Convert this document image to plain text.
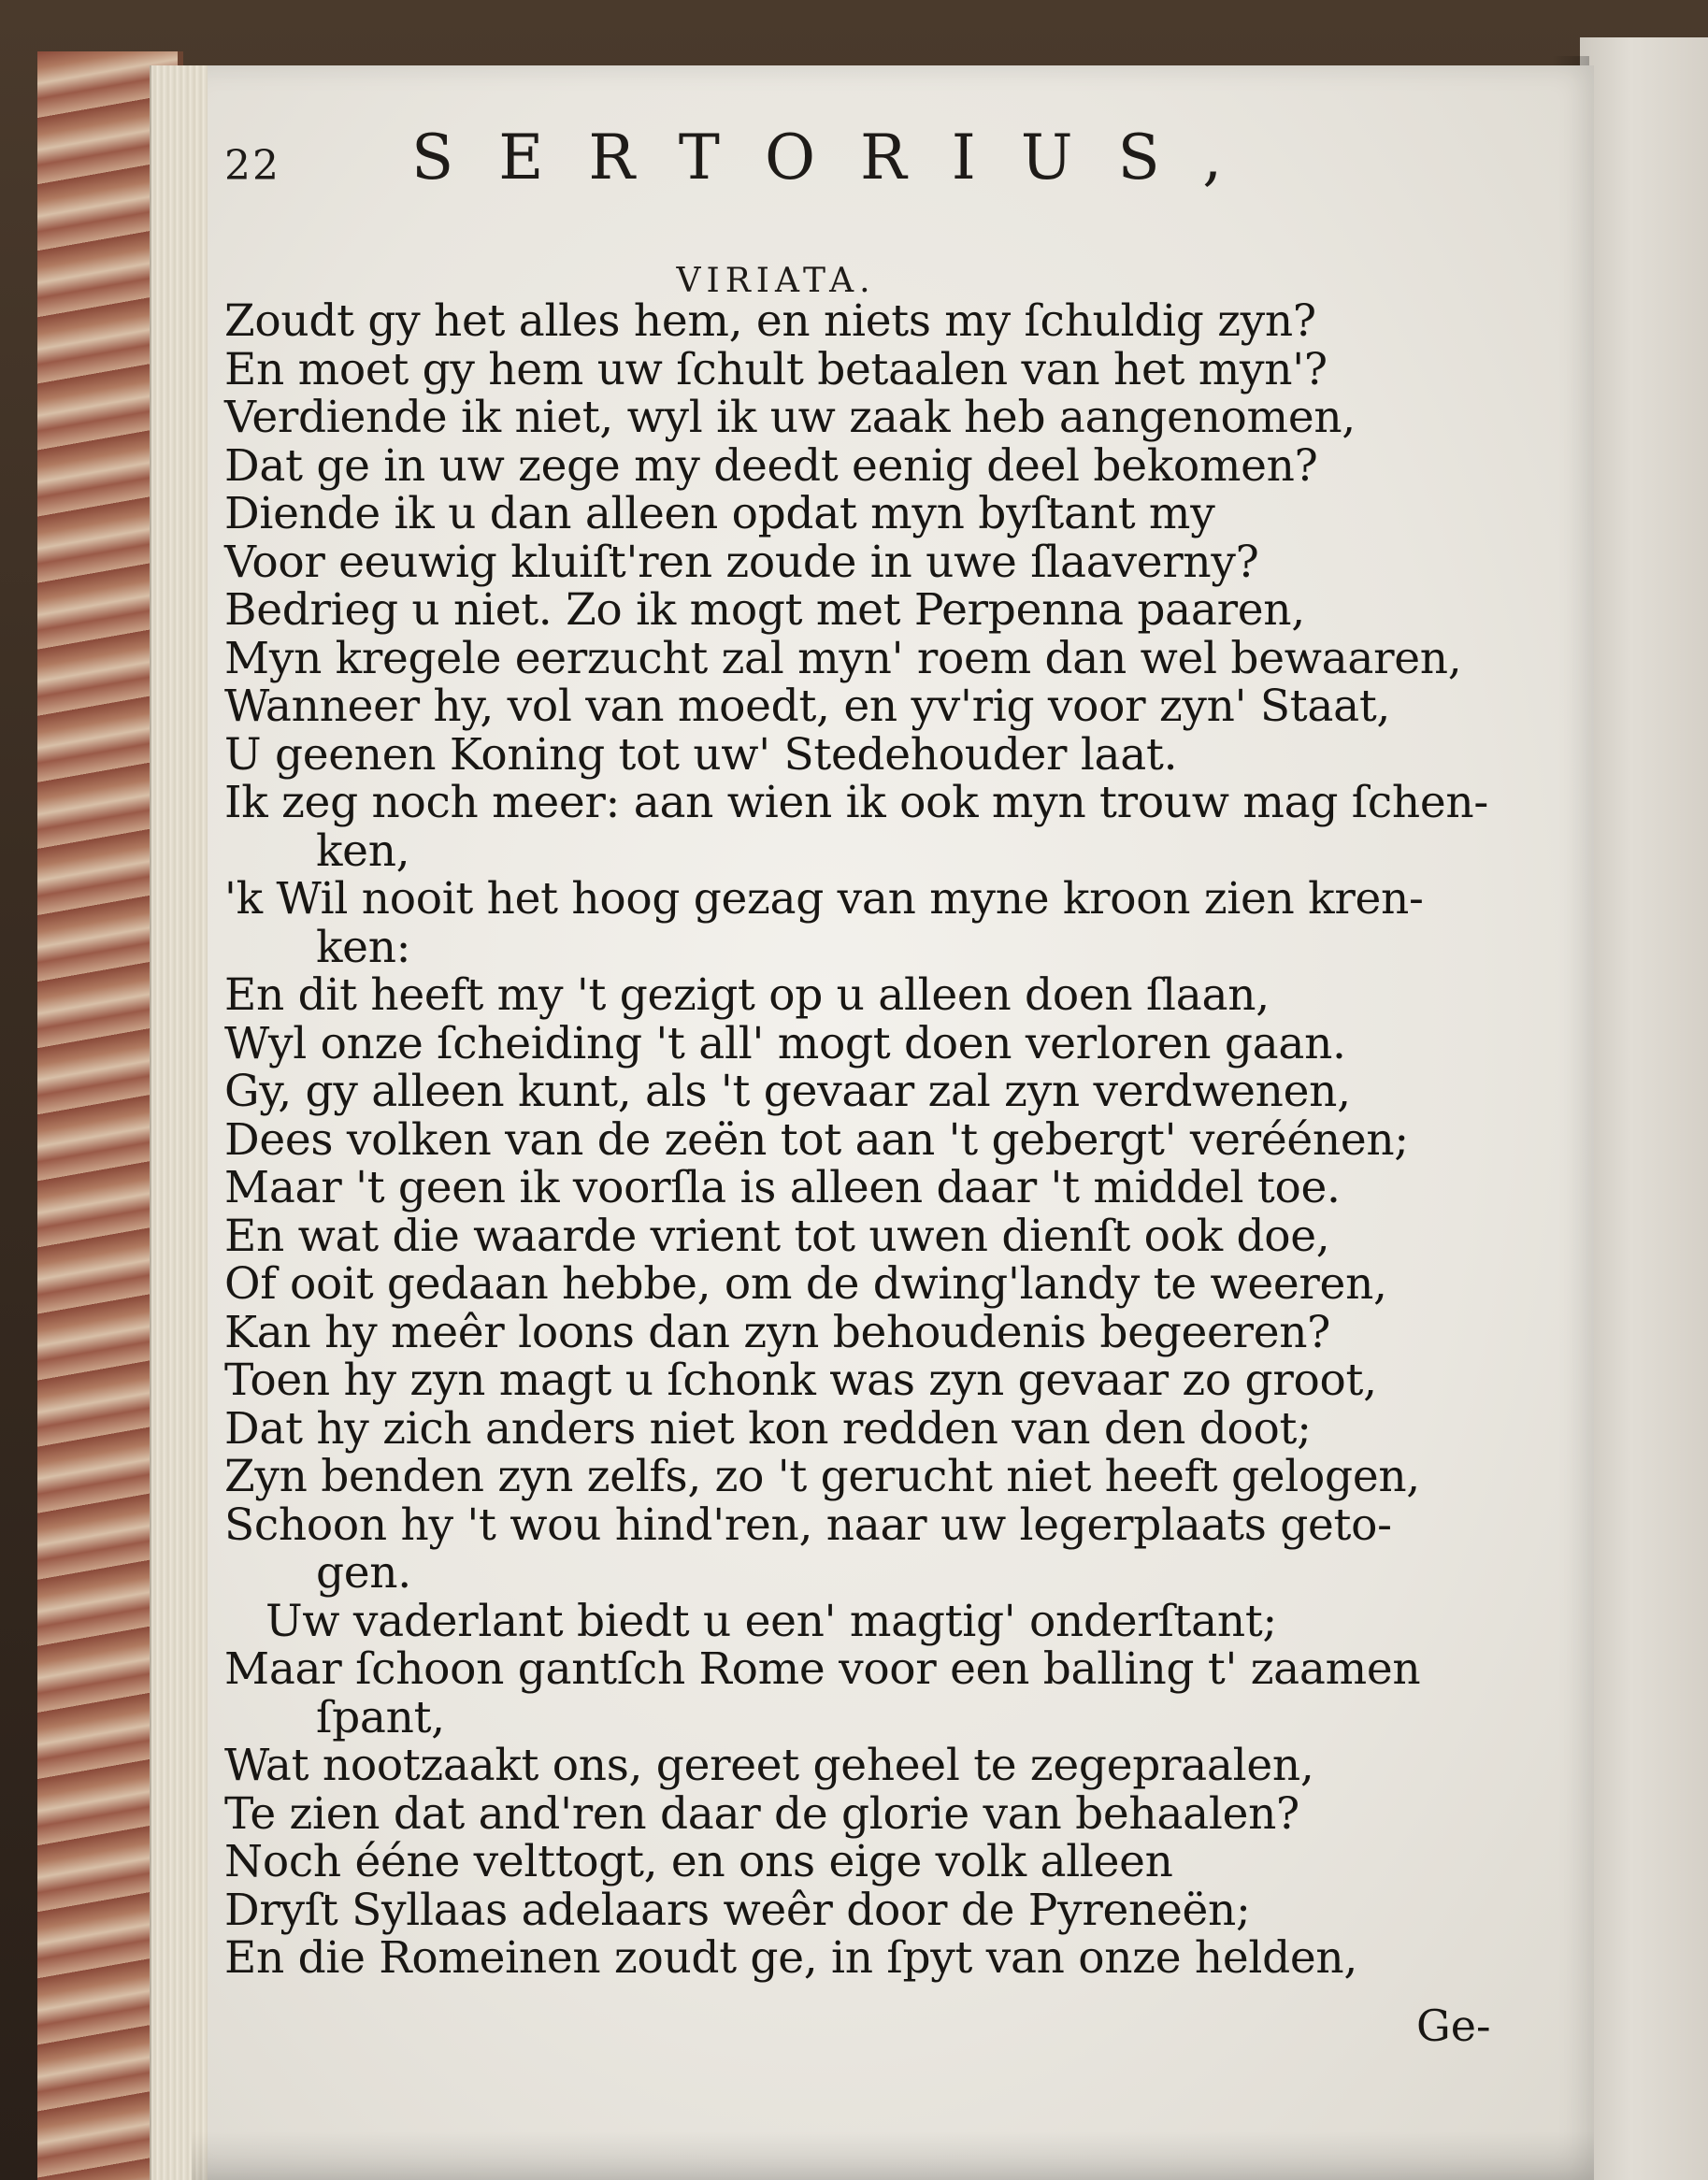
22 SERTORIUS,
VIRIATA.
Zoudt gy het alles hem, en niets my ſchuldig zyn?
En moet gy hem uw ſchult betaalen van het myn'?
Verdiende ik niet, wyl ik uw zaak heb aangenomen,
Dat ge in uw zege my deedt eenig deel bekomen?
Diende ik u dan alleen opdat myn byſtant my
Voor eeuwig kluiſt'ren zoude in uwe ſlaaverny?
Bedrieg u niet. Zo ik mogt met Perpenna paaren,
Myn kregele eerzucht zal myn' roem dan wel bewaaren,
Wanneer hy, vol van moedt, en yv'rig voor zyn' Staat,
U geenen Koning tot uw' Stedehouder laat.
Ik zeg noch meer: aan wien ik ook myn trouw mag ſchen-
ken,
'k Wil nooit het hoog gezag van myne kroon zien kren-
ken:
En dit heeft my 't gezigt op u alleen doen ſlaan,
Wyl onze ſcheiding 't all' mogt doen verloren gaan.
Gy, gy alleen kunt, als 't gevaar zal zyn verdwenen,
Dees volken van de zeën tot aan 't gebergt' veréénen;
Maar 't geen ik voorſla is alleen daar 't middel toe.
En wat die waarde vrient tot uwen dienſt ook doe,
Of ooit gedaan hebbe, om de dwing'landy te weeren,
Kan hy meêr loons dan zyn behoudenis begeeren?
Toen hy zyn magt u ſchonk was zyn gevaar zo groot,
Dat hy zich anders niet kon redden van den doot;
Zyn benden zyn zelfs, zo 't gerucht niet heeft gelogen,
Schoon hy 't wou hind'ren, naar uw legerplaats geto-
gen.
Uw vaderlant biedt u een' magtig' onderſtant;
Maar ſchoon gantſch Rome voor een balling t' zaamen
ſpant,
Wat nootzaakt ons, gereet geheel te zegepraalen,
Te zien dat and'ren daar de glorie van behaalen?
Noch ééne velttogt, en ons eige volk alleen
Dryſt Syllaas adelaars weêr door de Pyreneën;
En die Romeinen zoudt ge, in ſpyt van onze helden,
Ge-
